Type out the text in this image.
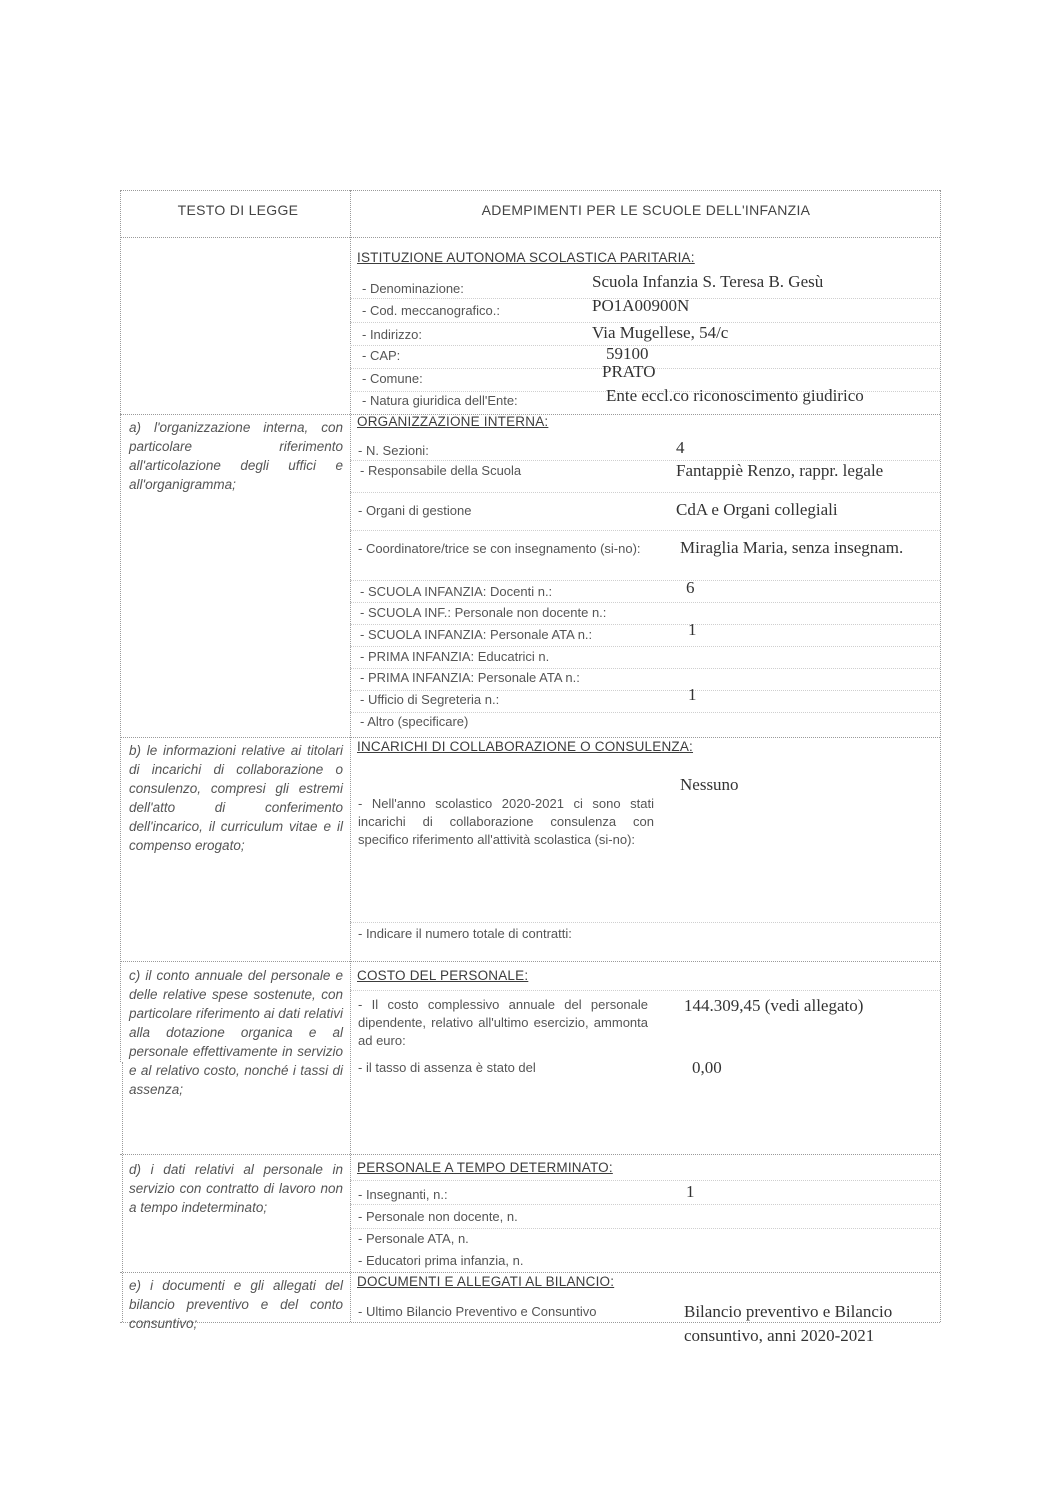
TESTO DI LEGGE	ADEMPIMENTI PER LE SCUOLE DELL'INFANZIA
ISTITUZIONE AUTONOMA SCOLASTICA PARITARIA:
- Denominazione:	Scuola Infanzia S. Teresa B. Gesù
- Cod. meccanografico.:	PO1A00900N
- Indirizzo:	Via Mugellese, 54/c
- CAP:	59100
- Comune:	PRATO
- Natura giuridica dell'Ente:	Ente eccl.co riconoscimento giudirico
a) l'organizzazione interna, con particolare riferimento all'articolazione degli uffici e all'organigramma;
ORGANIZZAZIONE INTERNA:
- N. Sezioni:	4
- Responsabile della Scuola	Fantappiè Renzo, rappr. legale
- Organi di gestione	CdA e Organi collegiali
- Coordinatore/trice se con insegnamento (si-no):	Miraglia Maria, senza insegnam.
- SCUOLA INFANZIA: Docenti n.:	6
- SCUOLA INF.: Personale non docente n.:
- SCUOLA INFANZIA: Personale ATA n.:	1
- PRIMA INFANZIA: Educatrici n.
- PRIMA INFANZIA: Personale ATA n.:
- Ufficio di Segreteria n.:	1
- Altro (specificare)
b) le informazioni relative ai titolari di incarichi di collaborazione o consulenzo, compresi gli estremi dell'atto di conferimento dell'incarico, il curriculum vitae e il compenso erogato;
INCARICHI DI COLLABORAZIONE O CONSULENZA:
- Nell'anno scolastico 2020-2021 ci sono stati incarichi di collaborazione consulenza con specifico riferimento all'attività scolastica (si-no):
Nessuno
- Indicare il numero totale di contratti:
c) il conto annuale del personale e delle relative spese sostenute, con particolare riferimento ai dati relativi alla dotazione organica e al personale effettivamente in servizio e al relativo costo, nonché i tassi di assenza;
COSTO DEL PERSONALE:
- Il costo complessivo annuale del personale dipendente, relativo all'ultimo esercizio, ammonta ad euro:
144.309,45 (vedi allegato)
- il tasso di assenza è stato del	0,00
d) i dati relativi al personale in servizio con contratto di lavoro non a tempo indeterminato;
PERSONALE A TEMPO DETERMINATO:
- Insegnanti, n.:	1
- Personale non docente, n.
- Personale ATA, n.
- Educatori prima infanzia, n.
e) i documenti e gli allegati del bilancio preventivo e del conto consuntivo;
DOCUMENTI E ALLEGATI AL BILANCIO:
- Ultimo Bilancio Preventivo e Consuntivo	Bilancio preventivo e Bilancio consuntivo, anni 2020-2021
